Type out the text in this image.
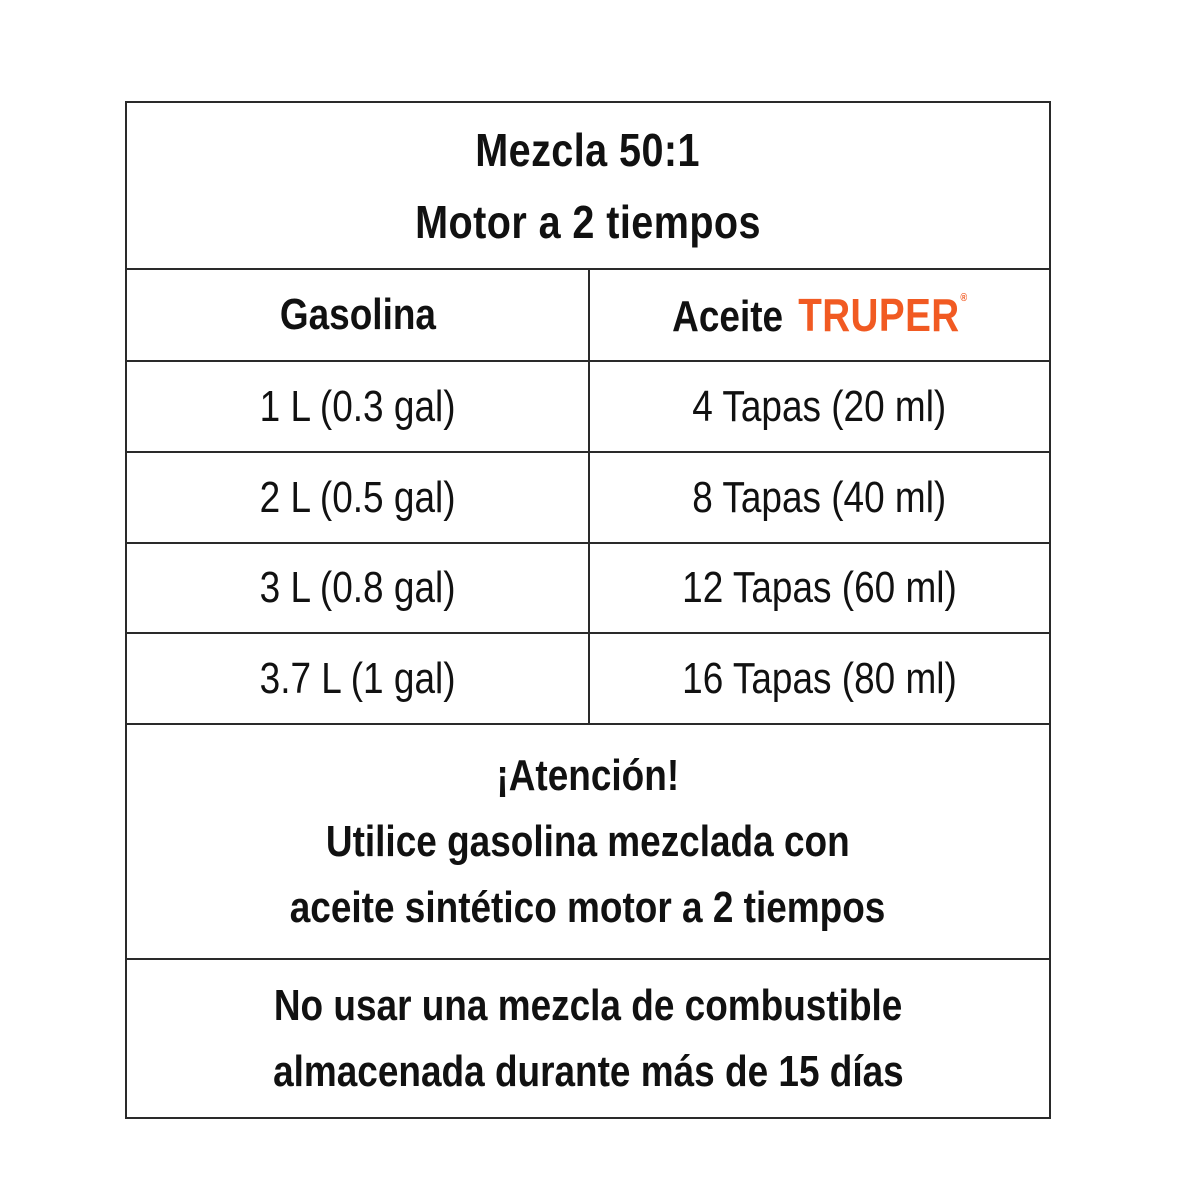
Mezcla 50:1
Motor a 2 tiempos
Gasolina	Aceite TRUPER®
1 L (0.3 gal)	4 Tapas (20 ml)
2 L (0.5 gal)	8 Tapas (40 ml)
3 L (0.8 gal)	12 Tapas (60 ml)
3.7 L (1 gal)	16 Tapas (80 ml)
¡Atención!
Utilice gasolina mezclada con
aceite sintético motor a 2 tiempos
No usar una mezcla de combustible
almacenada durante más de 15 días
